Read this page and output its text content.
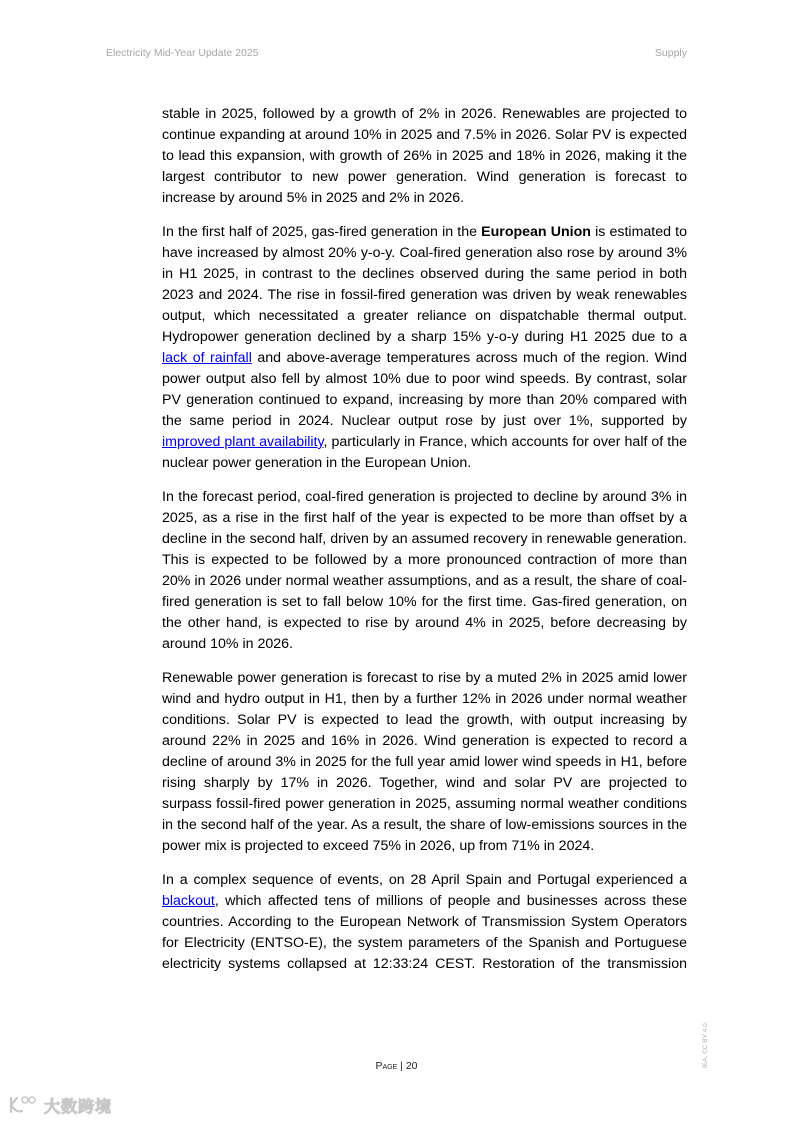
Electricity Mid-Year Update 2025	Supply

stable in 2025, followed by a growth of 2% in 2026. Renewables are projected to continue expanding at around 10% in 2025 and 7.5% in 2026. Solar PV is expected to lead this expansion, with growth of 26% in 2025 and 18% in 2026, making it the largest contributor to new power generation. Wind generation is forecast to increase by around 5% in 2025 and 2% in 2026.

In the first half of 2025, gas-fired generation in the European Union is estimated to have increased by almost 20% y-o-y. Coal-fired generation also rose by around 3% in H1 2025, in contrast to the declines observed during the same period in both 2023 and 2024. The rise in fossil-fired generation was driven by weak renewables output, which necessitated a greater reliance on dispatchable thermal output. Hydropower generation declined by a sharp 15% y-o-y during H1 2025 due to a lack of rainfall and above-average temperatures across much of the region. Wind power output also fell by almost 10% due to poor wind speeds. By contrast, solar PV generation continued to expand, increasing by more than 20% compared with the same period in 2024. Nuclear output rose by just over 1%, supported by improved plant availability, particularly in France, which accounts for over half of the nuclear power generation in the European Union.

In the forecast period, coal-fired generation is projected to decline by around 3% in 2025, as a rise in the first half of the year is expected to be more than offset by a decline in the second half, driven by an assumed recovery in renewable generation. This is expected to be followed by a more pronounced contraction of more than 20% in 2026 under normal weather assumptions, and as a result, the share of coal-fired generation is set to fall below 10% for the first time. Gas-fired generation, on the other hand, is expected to rise by around 4% in 2025, before decreasing by around 10% in 2026.

Renewable power generation is forecast to rise by a muted 2% in 2025 amid lower wind and hydro output in H1, then by a further 12% in 2026 under normal weather conditions. Solar PV is expected to lead the growth, with output increasing by around 22% in 2025 and 16% in 2026. Wind generation is expected to record a decline of around 3% in 2025 for the full year amid lower wind speeds in H1, before rising sharply by 17% in 2026. Together, wind and solar PV are projected to surpass fossil-fired power generation in 2025, assuming normal weather conditions in the second half of the year. As a result, the share of low-emissions sources in the power mix is projected to exceed 75% in 2026, up from 71% in 2024.

In a complex sequence of events, on 28 April Spain and Portugal experienced a blackout, which affected tens of millions of people and businesses across these countries. According to the European Network of Transmission System Operators for Electricity (ENTSO-E), the system parameters of the Spanish and Portuguese electricity systems collapsed at 12:33:24 CEST. Restoration of the transmission

IEA. CC BY 4.0.
Page | 20
大数跨境
